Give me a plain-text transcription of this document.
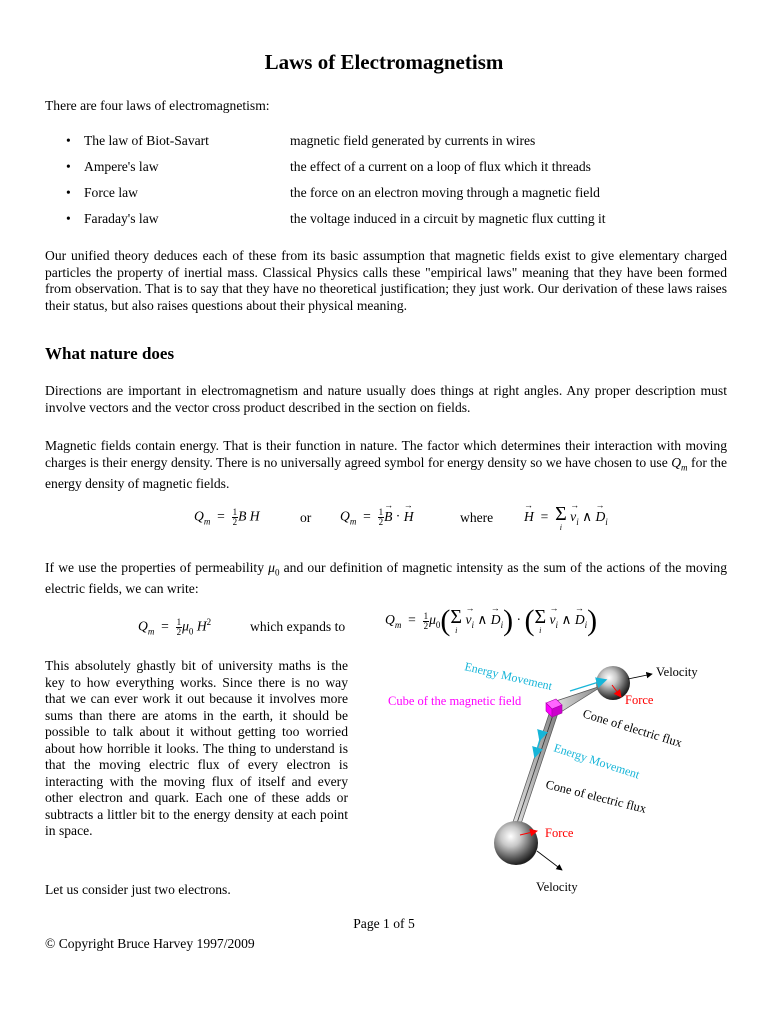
Laws of Electromagnetism

There are four laws of electromagnetism:

• The law of Biot-Savart	magnetic field generated by currents in wires
• Ampere's law	the effect of a current on a loop of flux which it threads
• Force law	the force on an electron moving through a magnetic field
• Faraday's law	the voltage induced in a circuit by magnetic flux cutting it

Our unified theory deduces each of these from its basic assumption that magnetic fields exist to give elementary charged particles the property of inertial mass. Classical Physics calls these "empirical laws" meaning that they have been formed from observation. That is to say that they have no theoretical justification; they just work. Our derivation of these laws raises their status, but also raises questions about their physical meaning.

What nature does

Directions are important in electromagnetism and nature usually does things at right angles. Any proper description must involve vectors and the vector cross product described in the section on fields.

Magnetic fields contain energy. That is their function in nature. The factor which determines their interaction with moving charges is their energy density. There is no universally agreed symbol for energy density so we have chosen to use $Q_m$ for the energy density of magnetic fields.

$Q_m = \frac{1}{2}$ B H	or $Q_m = \frac{1}{2}$
→ B · → H	where
→ H  = Σ
i
→ $v_i$ ∧ → $D_i$

If we use the properties of permeability $\mu_0$ and our definition of magnetic intensity as the sum of the actions of the moving electric fields, we can write:

$Q_m = \frac{1}{2} \mu_0$ $H^2$	which expands to	$Q_m = \frac{1}{2} \mu_0$( Σ
i
→ $v_i$ ∧ → $D_i$) · ( Σ
i
→ $v_i$ ∧ → $D_i$)

This absolutely ghastly bit of university maths is the key to how everything works. Since there is no way that we can ever work it out because it involves more sums than there are atoms in the earth, it should be possible to talk about it without getting too worried about how horrible it looks. The thing to understand is that the moving electric flux of every electron is interacting with the moving flux of itself and every other electron and quark. Each one of these adds or subtracts a littler bit to the energy density at each point in space.

Let us consider just two electrons.

Energy Movement	Velocity
Force
Cube of the magnetic field
Cone of electric flux
Energy Movement
Cone of electric flux
Force
Velocity
Page 1 of 5
© Copyright Bruce Harvey 1997/2009
